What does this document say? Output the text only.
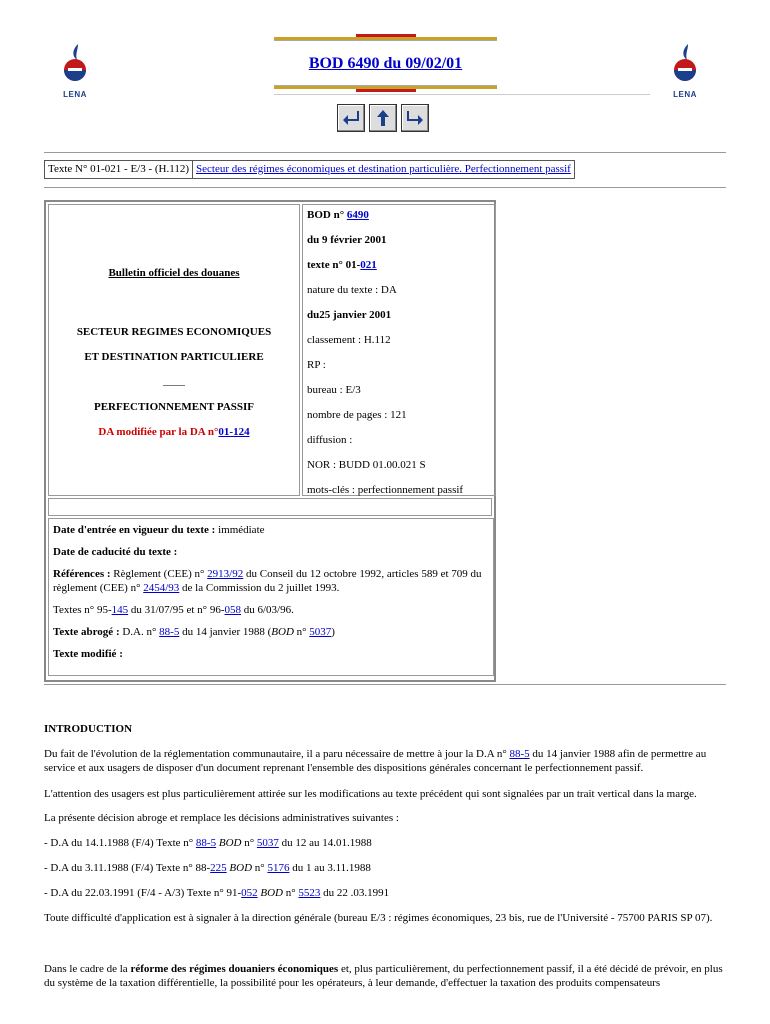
LENA	LENA
BOD 6490 du 09/02/01
Texte N° 01-021 - E/3 - (H.112) Secteur des régimes économiques et destination particulière. Perfectionnement passif
Bulletin officiel des douanes
SECTEUR REGIMES ECONOMIQUES
ET DESTINATION PARTICULIERE
——
PERFECTIONNEMENT PASSIF
DA modifiée par la DA n°01-124
BOD n° 6490
du 9 février 2001
texte n° 01-021
nature du texte : DA
du25 janvier 2001
classement : H.112
RP :
bureau : E/3
nombre de pages : 121
diffusion :
NOR : BUDD 01.00.021 S
mots-clés : perfectionnement passif

Date d'entrée en vigueur du texte : immédiate

Date de caducité du texte :

Références : Règlement (CEE) n° 2913/92 du Conseil du 12 octobre 1992, articles 589 et 709 du règlement (CEE) n° 2454/93 de la Commission du 2 juillet 1993.

Textes n° 95-145 du 31/07/95 et n° 96-058 du 6/03/96.

Texte abrogé : D.A. n° 88-5 du 14 janvier 1988 (BOD n° 5037)

Texte modifié :

INTRODUCTION

Du fait de l'évolution de la réglementation communautaire, il a paru nécessaire de mettre à jour la D.A n° 88-5 du 14 janvier 1988 afin de permettre au service et aux usagers de disposer d'un document reprenant l'ensemble des dispositions générales concernant le perfectionnement passif.

L'attention des usagers est plus particulièrement attirée sur les modifications au texte précédent qui sont signalées par un trait vertical dans la marge.
La présente décision abroge et remplace les décisions administratives suivantes :

- D.A du 14.1.1988 (F/4) Texte n° 88-5 BOD n° 5037 du 12 au 14.01.1988

- D.A du 3.11.1988 (F/4) Texte n° 88-225 BOD n° 5176 du 1 au 3.11.1988

- D.A du 22.03.1991 (F/4 - A/3) Texte n° 91-052 BOD n° 5523 du 22 .03.1991

Toute difficulté d'application est à signaler à la direction générale (bureau E/3 : régimes économiques, 23 bis, rue de l'Université - 75700 PARIS SP 07).

Dans le cadre de la réforme des régimes douaniers économiques et, plus particulièrement, du perfectionnement passif, il a été décidé de prévoir, en plus du système de la taxation différentielle, la possibilité pour les opérateurs, à leur demande, d'effectuer la taxation des produits compensateurs
